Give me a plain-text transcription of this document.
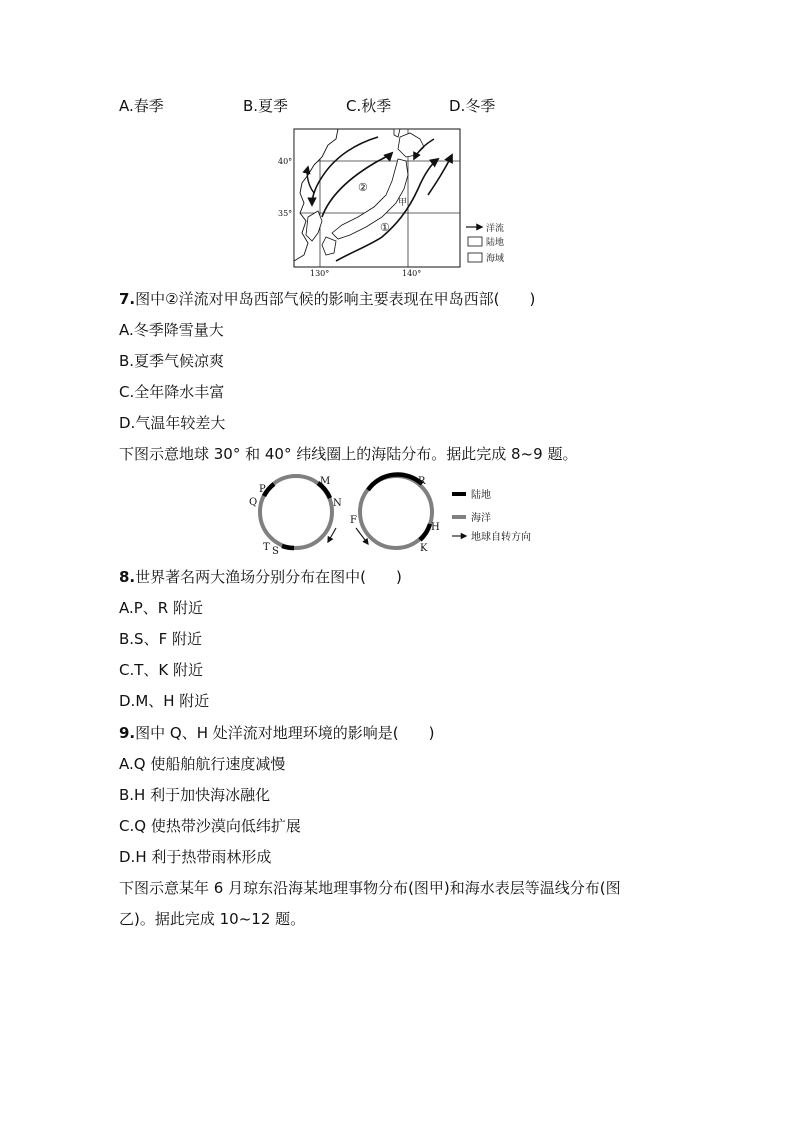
A.春季	B.夏季	C.秋季	D.冬季
40°
35°
130°	140°
②
①
甲
洋流
陆地
海域
7.图中②洋流对甲岛西部气候的影响主要表现在甲岛西部(　　)
A.冬季降雪量大
B.夏季气候凉爽
C.全年降水丰富
D.气温年较差大
下图示意地球 30° 和 40° 纬线圈上的海陆分布。据此完成 8~9 题。
P
M
Q	N
T S
R
F
H
K
陆地
海洋
地球自转方向
8.世界著名两大渔场分别分布在图中(　　)
A.P、R 附近
B.S、F 附近
C.T、K 附近
D.M、H 附近
9.图中 Q、H 处洋流对地理环境的影响是(　　)
A.Q 使船舶航行速度减慢
B.H 利于加快海冰融化
C.Q 使热带沙漠向低纬扩展
D.H 利于热带雨林形成
下图示意某年 6 月琼东沿海某地理事物分布(图甲)和海水表层等温线分布(图
乙)。据此完成 10~12 题。
